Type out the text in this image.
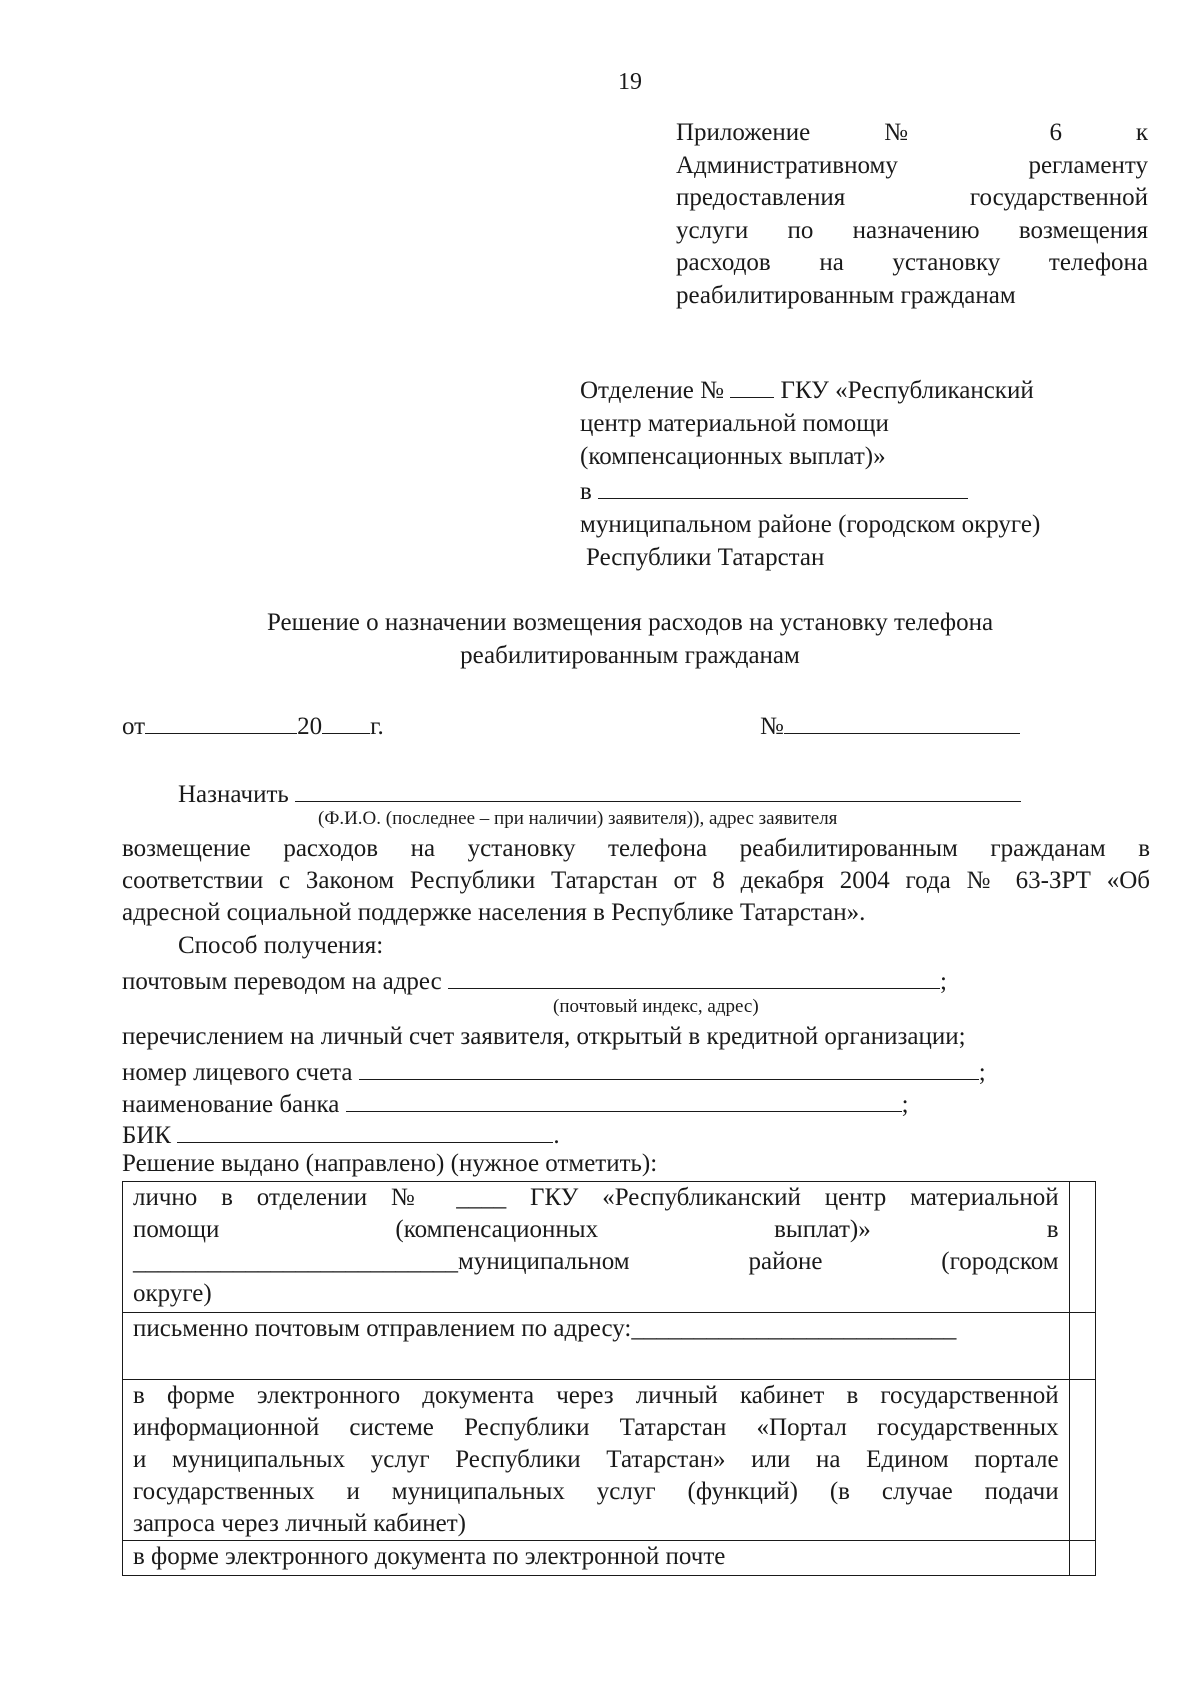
19
Приложение № 6 к
Административному регламенту
предоставления государственной
услуги по назначению возмещения
расходов на установку телефона
реабилитированным гражданам
Отделение № ГКУ «Республиканский
центр материальной помощи
(компенсационных выплат)»
в
муниципальном районе (городском округе)
Республики Татарстан
Решение о назначении возмещения расходов на установку телефона
реабилитированным гражданам
от	20 г.	№
Назначить
(Ф.И.О. (последнее – при наличии) заявителя)), адрес заявителя
возмещение расходов на установку телефона реабилитированным гражданам в
соответствии с Законом Республики Татарстан от 8 декабря 2004 года № 63-ЗРТ «Об
адресной социальной поддержке населения в Республике Татарстан».
Способ получения:
почтовым переводом на адрес	;
(почтовый индекс, адрес)
перечислением на личный счет заявителя, открытый в кредитной организации;
номер лицевого счета	;
наименование банка	;
БИК	.
Решение выдано (направлено) (нужное отметить):
лично в отделении № ____ ГКУ «Республиканский центр материальной
помощи (компенсационных выплат)» в
__________________________муниципальном районе (городском
округе)	

письменно почтовым отправлением по адресу:__________________________	

в форме электронного документа через личный кабинет в государственной
информационной системе Республики Татарстан «Портал государственных
и муниципальных услуг Республики Татарстан» или на Едином портале
государственных и муниципальных услуг (функций) (в случае подачи
запроса через личный кабинет)	

в форме электронного документа по электронной почте	
